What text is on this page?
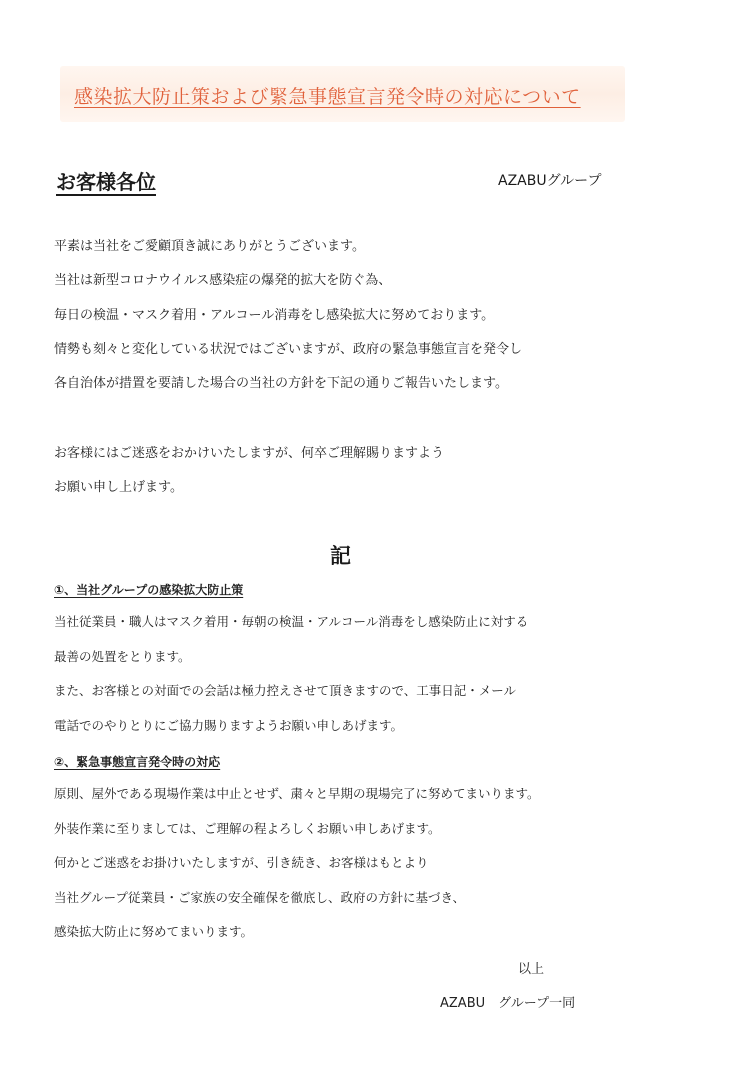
感染拡大防止策および緊急事態宣言発令時の対応について
お客様各位	AZABUグループ
平素は当社をご愛顧頂き誠にありがとうございます。
当社は新型コロナウイルス感染症の爆発的拡大を防ぐ為、
毎日の検温・マスク着用・アルコール消毒をし感染拡大に努めております。
情勢も刻々と変化している状況ではございますが、政府の緊急事態宣言を発令し
各自治体が措置を要請した場合の当社の方針を下記の通りご報告いたします。
お客様にはご迷惑をおかけいたしますが、何卒ご理解賜りますよう
お願い申し上げます。
記
①、当社グループの感染拡大防止策
当社従業員・職人はマスク着用・毎朝の検温・アルコール消毒をし感染防止に対する
最善の処置をとります。
また、お客様との対面での会話は極力控えさせて頂きますので、工事日記・メール
電話でのやりとりにご協力賜りますようお願い申しあげます。
②、緊急事態宣言発令時の対応
原則、屋外である現場作業は中止とせず、粛々と早期の現場完了に努めてまいります。
外装作業に至りましては、ご理解の程よろしくお願い申しあげます。
何かとご迷惑をお掛けいたしますが、引き続き、お客様はもとより
当社グループ従業員・ご家族の安全確保を徹底し、政府の方針に基づき、
感染拡大防止に努めてまいります。
以上
AZABU　グループ一同
